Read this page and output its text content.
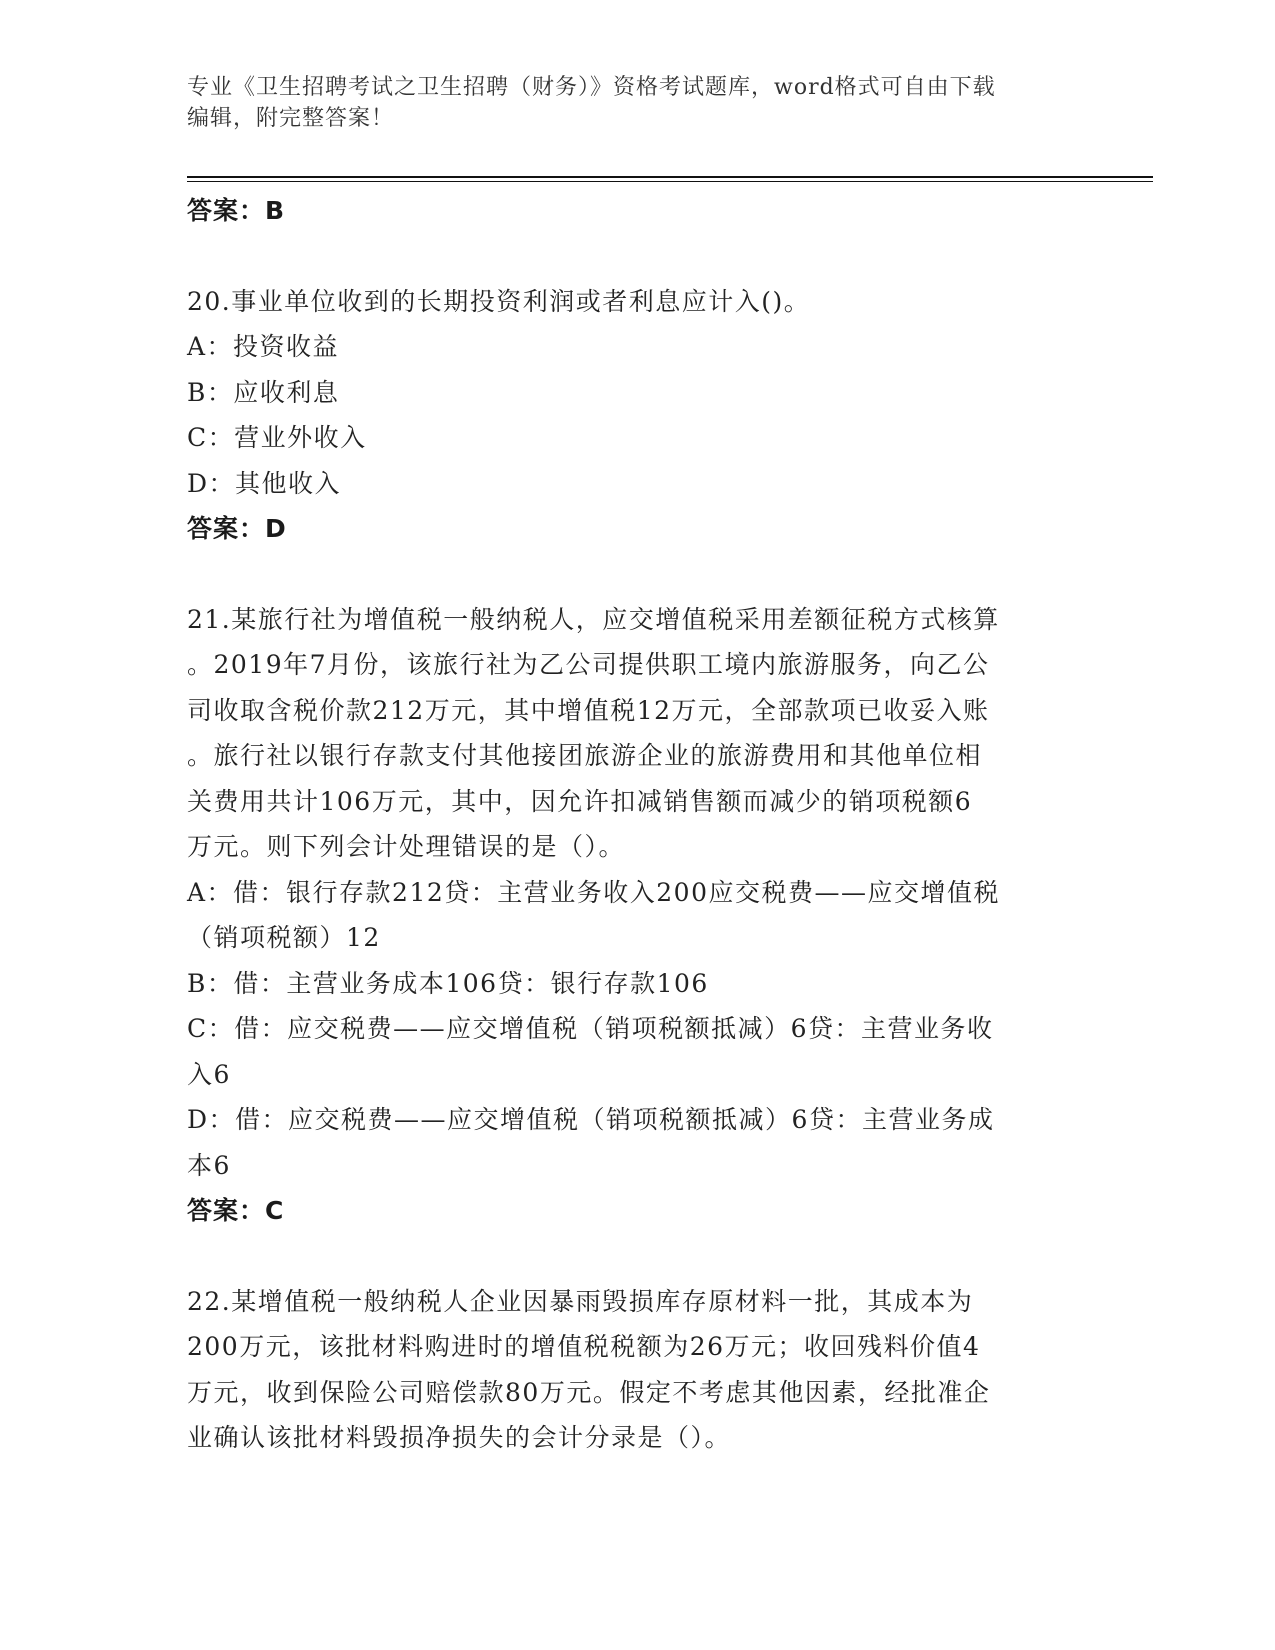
专业《卫生招聘考试之卫生招聘（财务）》资格考试题库，word格式可自由下载
编辑，附完整答案！
答案：B
20.事业单位收到的长期投资利润或者利息应计入()。
A：投资收益
B：应收利息
C：营业外收入
D：其他收入
答案：D
21.某旅行社为增值税一般纳税人，应交增值税采用差额征税方式核算
。2019年7月份，该旅行社为乙公司提供职工境内旅游服务，向乙公
司收取含税价款212万元，其中增值税12万元，全部款项已收妥入账
。旅行社以银行存款支付其他接团旅游企业的旅游费用和其他单位相
关费用共计106万元，其中，因允许扣减销售额而减少的销项税额6
万元。则下列会计处理错误的是（）。
A：借：银行存款212贷：主营业务收入200应交税费——应交增值税
（销项税额）12
B：借：主营业务成本106贷：银行存款106
C：借：应交税费——应交增值税（销项税额抵减）6贷：主营业务收
入6
D：借：应交税费——应交增值税（销项税额抵减）6贷：主营业务成
本6
答案：C
22.某增值税一般纳税人企业因暴雨毁损库存原材料一批，其成本为
200万元，该批材料购进时的增值税税额为26万元；收回残料价值4
万元，收到保险公司赔偿款80万元。假定不考虑其他因素，经批准企
业确认该批材料毁损净损失的会计分录是（）。
